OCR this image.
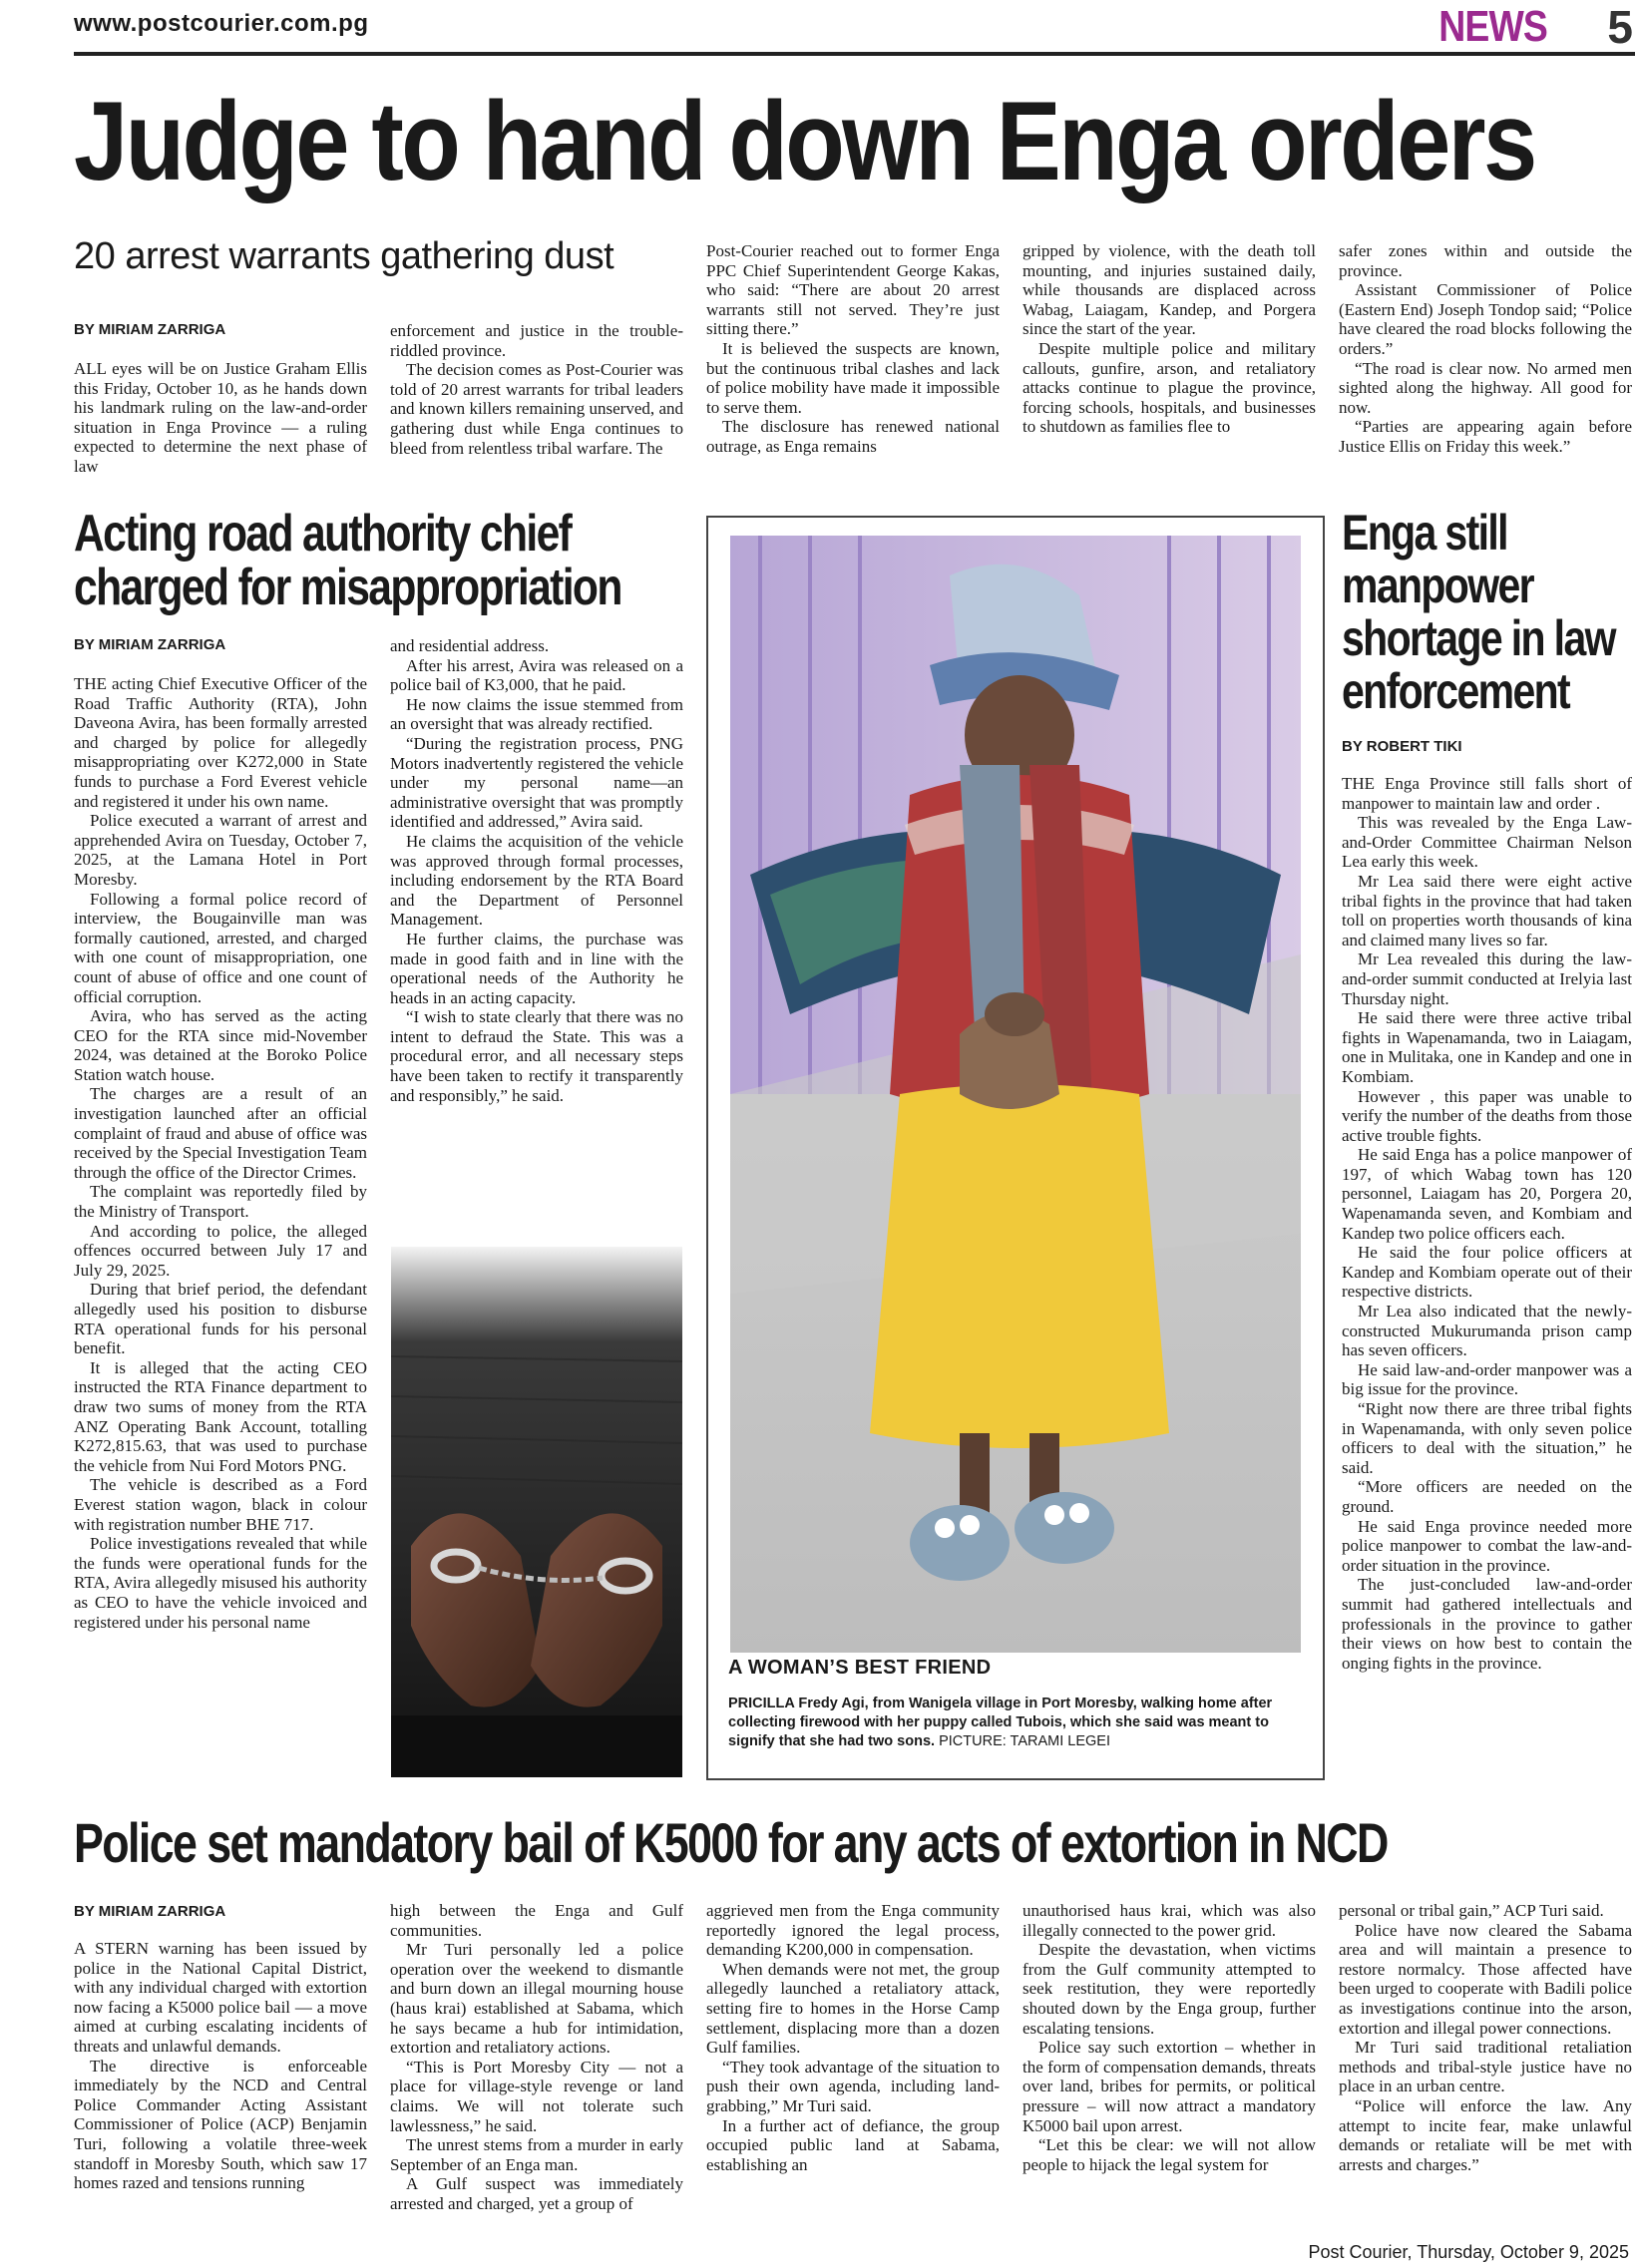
www.postcourier.com.pg	NEWS 5
Judge to hand down Enga orders
20 arrest warrants gathering dust
BY MIRIAM ZARRIGA

ALL eyes will be on Justice Graham Ellis this Friday, October 10, as he hands down his landmark ruling on the law-and-order situation in Enga Province — a ruling expected to determine the next phase of law

enforcement and justice in the trouble-riddled province.

The decision comes as Post-Courier was told of 20 arrest warrants for tribal leaders and known killers remaining unserved, and gathering dust while Enga continues to bleed from relentless tribal warfare. The

Post-Courier reached out to former Enga PPC Chief Superintendent George Kakas, who said: “There are about 20 arrest warrants still not served. They’re just sitting there.”

It is believed the suspects are known, but the continuous tribal clashes and lack of police mobility have made it impossible to serve them.

The disclosure has renewed national outrage, as Enga remains

gripped by violence, with the death toll mounting, and injuries sustained daily, while thousands are displaced across Wabag, Laiagam, Kandep, and Porgera since the start of the year.

Despite multiple police and military callouts, gunfire, arson, and retaliatory attacks continue to plague the province, forcing schools, hospitals, and businesses to shutdown as families flee to

safer zones within and outside the province.

Assistant Commissioner of Police (Eastern End) Joseph Tondop said; “Police have cleared the road blocks following the orders.”

“The road is clear now. No armed men sighted along the highway. All good for now.

“Parties are appearing again before Justice Ellis on Friday this week.”

Acting road authority chief
charged for misappropriation
BY MIRIAM ZARRIGA

THE acting Chief Executive Officer of the Road Traffic Authority (RTA), John Daveona Avira, has been formally arrested and charged by police for allegedly misappropriating over K272,000 in State funds to purchase a Ford Everest vehicle and registered it under his own name.

Police executed a warrant of arrest and apprehended Avira on Tuesday, October 7, 2025, at the Lamana Hotel in Port Moresby.

Following a formal police record of interview, the Bougainville man was formally cautioned, arrested, and charged with one count of misappropriation, one count of abuse of office and one count of official corruption.

Avira, who has served as the acting CEO for the RTA since mid-November 2024, was detained at the Boroko Police Station watch house.

The charges are a result of an investigation launched after an official complaint of fraud and abuse of office was received by the Special Investigation Team through the office of the Director Crimes.

The complaint was reportedly filed by the Ministry of Transport.

And according to police, the alleged offences occurred between July 17 and July 29, 2025.

During that brief period, the defendant allegedly used his position to disburse RTA operational funds for his personal benefit.

It is alleged that the acting CEO instructed the RTA Finance department to draw two sums of money from the RTA ANZ Operating Bank Account, totalling K272,815.63, that was used to purchase the vehicle from Nui Ford Motors PNG.

The vehicle is described as a Ford Everest station wagon, black in colour with registration number BHE 717.

Police investigations revealed that while the funds were operational funds for the RTA, Avira allegedly misused his authority as CEO to have the vehicle invoiced and registered under his personal name

and residential address.

After his arrest, Avira was released on a police bail of K3,000, that he paid.

He now claims the issue stemmed from an oversight that was already rectified.

“During the registration process, PNG Motors inadvertently registered the vehicle under my personal name—an administrative oversight that was promptly identified and addressed,” Avira said.

He claims the acquisition of the vehicle was approved through formal processes, including endorsement by the RTA Board and the Department of Personnel Management.

He further claims, the purchase was made in good faith and in line with the operational needs of the Authority he heads in an acting capacity.

“I wish to state clearly that there was no intent to defraud the State. This was a procedural error, and all necessary steps have been taken to rectify it transparently and responsibly,” he said.

A WOMAN’S BEST FRIEND
PRICILLA Fredy Agi, from Wanigela village in Port Moresby, walking home after collecting firewood with her puppy called Tubois, which she said was meant to signify that she had two sons. PICTURE: TARAMI LEGEI
Enga still
manpower
shortage in law
enforcement
BY ROBERT TIKI

THE Enga Province still falls short of manpower to maintain law and order .

This was revealed by the Enga Law-and-Order Committee Chairman Nelson Lea early this week.

Mr Lea said there were eight active tribal fights in the province that had taken toll on properties worth thousands of kina and claimed many lives so far.

Mr Lea revealed this during the law-and-order summit conducted at Irelyia last Thursday night.

He said there were three active tribal fights in Wapenamanda, two in Laiagam, one in Mulitaka, one in Kandep and one in Kombiam.

However , this paper was unable to verify the number of the deaths from those active trouble fights.

He said Enga has a police manpower of 197, of which Wabag town has 120 personnel, Laiagam has 20, Porgera 20, Wapenamanda seven, and Kombiam and Kandep two police officers each.

He said the four police officers at Kandep and Kombiam operate out of their respective districts.

Mr Lea also indicated that the newly-constructed Mukurumanda prison camp has seven officers.

He said law-and-order manpower was a big issue for the province.

“Right now there are three tribal fights in Wapenamanda, with only seven police officers to deal with the situation,” he said.

“More officers are needed on the ground.

He said Enga province needed more police manpower to combat the law-and-order situation in the province.

The just-concluded law-and-order summit had gathered intellectuals and professionals in the province to gather their views on how best to contain the onging fights in the province.

Police set mandatory bail of K5000 for any acts of extortion in NCD
BY MIRIAM ZARRIGA

A STERN warning has been issued by police in the National Capital District, with any individual charged with extortion now facing a K5000 police bail — a move aimed at curbing escalating incidents of threats and unlawful demands.

The directive is enforceable immediately by the NCD and Central Police Commander Acting Assistant Commissioner of Police (ACP) Benjamin Turi, following a volatile three-week standoff in Moresby South, which saw 17 homes razed and tensions running

high between the Enga and Gulf communities.

Mr Turi personally led a police operation over the weekend to dismantle and burn down an illegal mourning house (haus krai) established at Sabama, which he says became a hub for intimidation, extortion and retaliatory actions.

“This is Port Moresby City — not a place for village-style revenge or land claims. We will not tolerate such lawlessness,” he said.

The unrest stems from a murder in early September of an Enga man.

A Gulf suspect was immediately arrested and charged, yet a group of

aggrieved men from the Enga community reportedly ignored the legal process, demanding K200,000 in compensation.

When demands were not met, the group allegedly launched a retaliatory attack, setting fire to homes in the Horse Camp settlement, displacing more than a dozen Gulf families.

“They took advantage of the situation to push their own agenda, including land-grabbing,” Mr Turi said.

In a further act of defiance, the group occupied public land at Sabama, establishing an

unauthorised haus krai, which was also illegally connected to the power grid.

Despite the devastation, when victims from the Gulf community attempted to seek restitution, they were reportedly shouted down by the Enga group, further escalating tensions.

Police say such extortion – whether in the form of compensation demands, threats over land, bribes for permits, or political pressure – will now attract a mandatory K5000 bail upon arrest.

“Let this be clear: we will not allow people to hijack the legal system for

personal or tribal gain,” ACP Turi said.

Police have now cleared the Sabama area and will maintain a presence to restore normalcy. Those affected have been urged to cooperate with Badili police as investigations continue into the arson, extortion and illegal power connections.

Mr Turi said traditional retaliation methods and tribal-style justice have no place in an urban centre.

“Police will enforce the law. Any attempt to incite fear, make unlawful demands or retaliate will be met with arrests and charges.”

Post Courier, Thursday, October 9, 2025
